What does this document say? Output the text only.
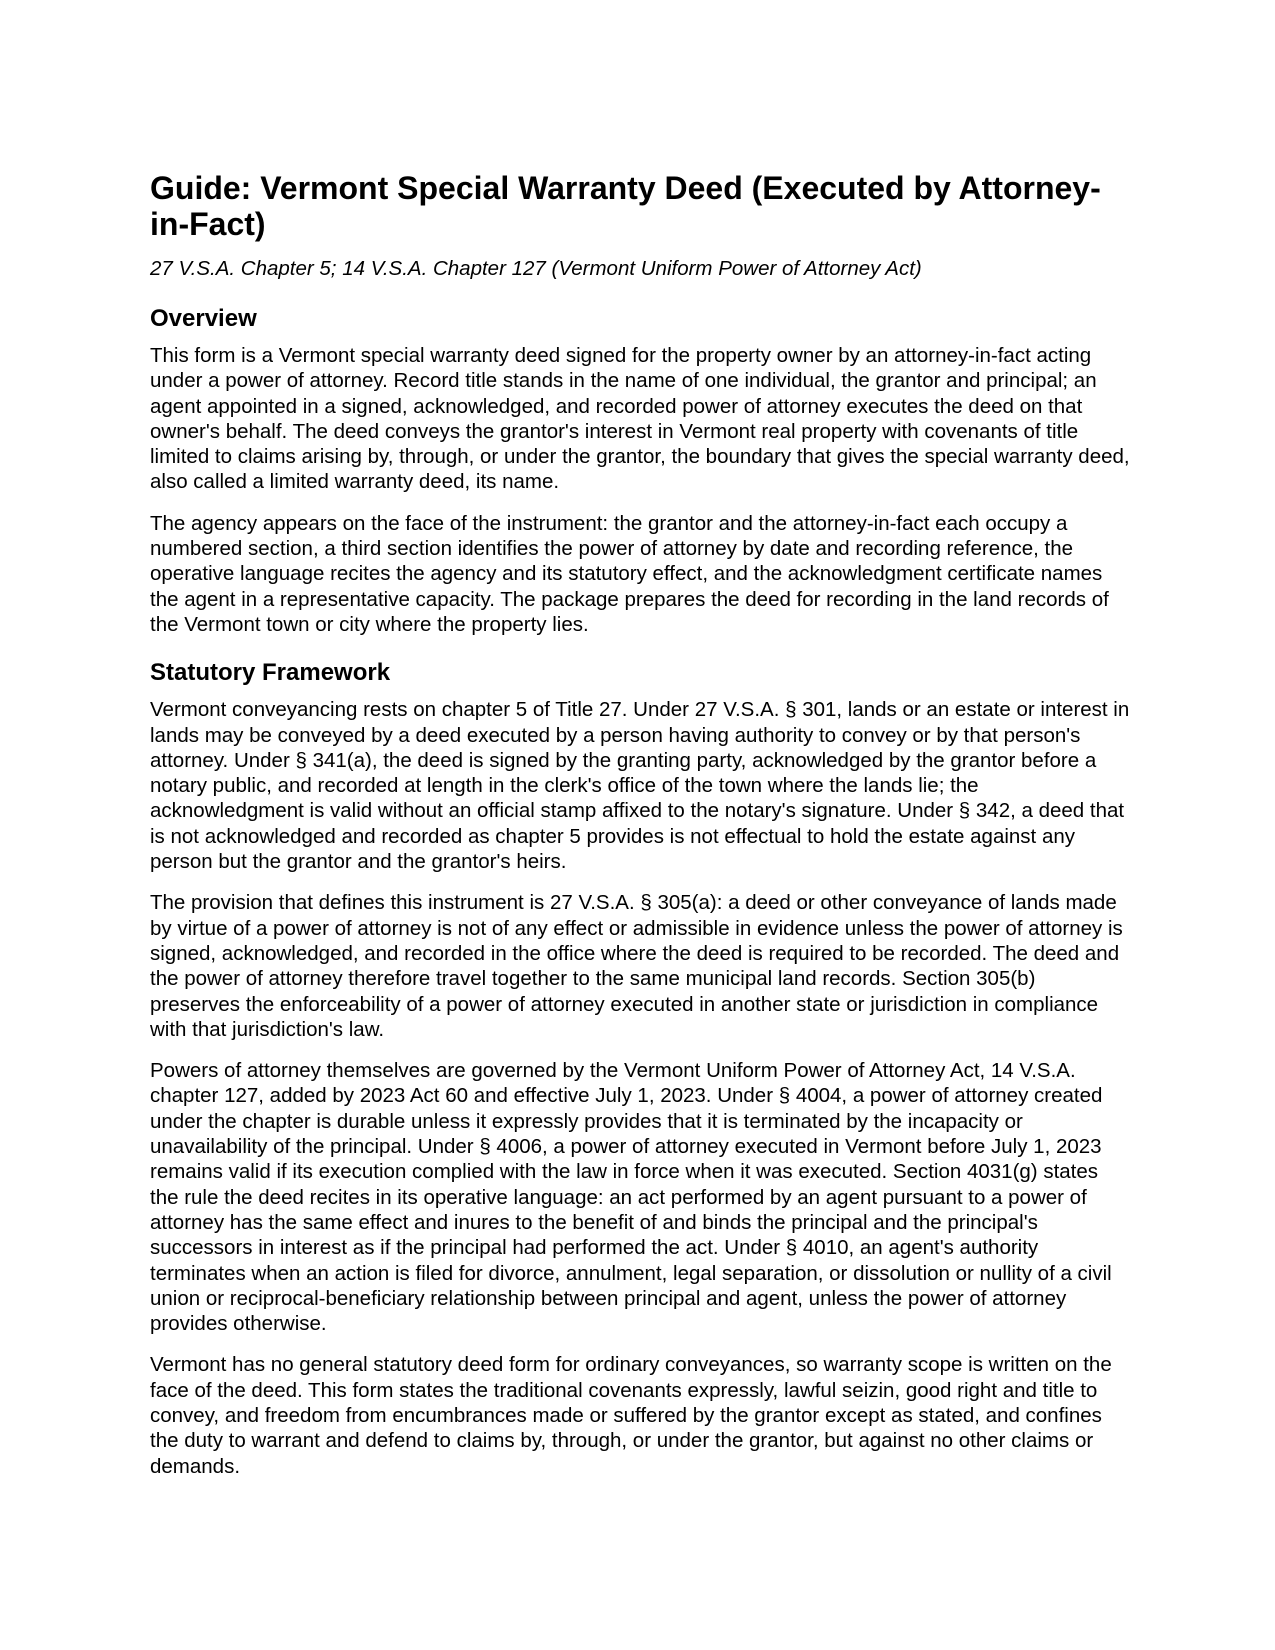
Guide: Vermont Special Warranty Deed (Executed by Attorney-in-Fact)
27 V.S.A. Chapter 5; 14 V.S.A. Chapter 127 (Vermont Uniform Power of Attorney Act)
Overview

This form is a Vermont special warranty deed signed for the property owner by an attorney-in-fact acting under a power of attorney. Record title stands in the name of one individual, the grantor and principal; an agent appointed in a signed, acknowledged, and recorded power of attorney executes the deed on that owner's behalf. The deed conveys the grantor's interest in Vermont real property with covenants of title limited to claims arising by, through, or under the grantor, the boundary that gives the special warranty deed, also called a limited warranty deed, its name.

The agency appears on the face of the instrument: the grantor and the attorney-in-fact each occupy a numbered section, a third section identifies the power of attorney by date and recording reference, the operative language recites the agency and its statutory effect, and the acknowledgment certificate names the agent in a representative capacity. The package prepares the deed for recording in the land records of the Vermont town or city where the property lies.

Statutory Framework

Vermont conveyancing rests on chapter 5 of Title 27. Under 27 V.S.A. § 301, lands or an estate or interest in lands may be conveyed by a deed executed by a person having authority to convey or by that person's attorney. Under § 341(a), the deed is signed by the granting party, acknowledged by the grantor before a notary public, and recorded at length in the clerk's office of the town where the lands lie; the acknowledgment is valid without an official stamp affixed to the notary's signature. Under § 342, a deed that is not acknowledged and recorded as chapter 5 provides is not effectual to hold the estate against any person but the grantor and the grantor's heirs.

The provision that defines this instrument is 27 V.S.A. § 305(a): a deed or other conveyance of lands made by virtue of a power of attorney is not of any effect or admissible in evidence unless the power of attorney is signed, acknowledged, and recorded in the office where the deed is required to be recorded. The deed and the power of attorney therefore travel together to the same municipal land records. Section 305(b) preserves the enforceability of a power of attorney executed in another state or jurisdiction in compliance with that jurisdiction's law.

Powers of attorney themselves are governed by the Vermont Uniform Power of Attorney Act, 14 V.S.A. chapter 127, added by 2023 Act 60 and effective July 1, 2023. Under § 4004, a power of attorney created under the chapter is durable unless it expressly provides that it is terminated by the incapacity or unavailability of the principal. Under § 4006, a power of attorney executed in Vermont before July 1, 2023 remains valid if its execution complied with the law in force when it was executed. Section 4031(g) states the rule the deed recites in its operative language: an act performed by an agent pursuant to a power of attorney has the same effect and inures to the benefit of and binds the principal and the principal's successors in interest as if the principal had performed the act. Under § 4010, an agent's authority terminates when an action is filed for divorce, annulment, legal separation, or dissolution or nullity of a civil union or reciprocal-beneficiary relationship between principal and agent, unless the power of attorney provides otherwise.

Vermont has no general statutory deed form for ordinary conveyances, so warranty scope is written on the face of the deed. This form states the traditional covenants expressly, lawful seizin, good right and title to convey, and freedom from encumbrances made or suffered by the grantor except as stated, and confines the duty to warrant and defend to claims by, through, or under the grantor, but against no other claims or demands.
